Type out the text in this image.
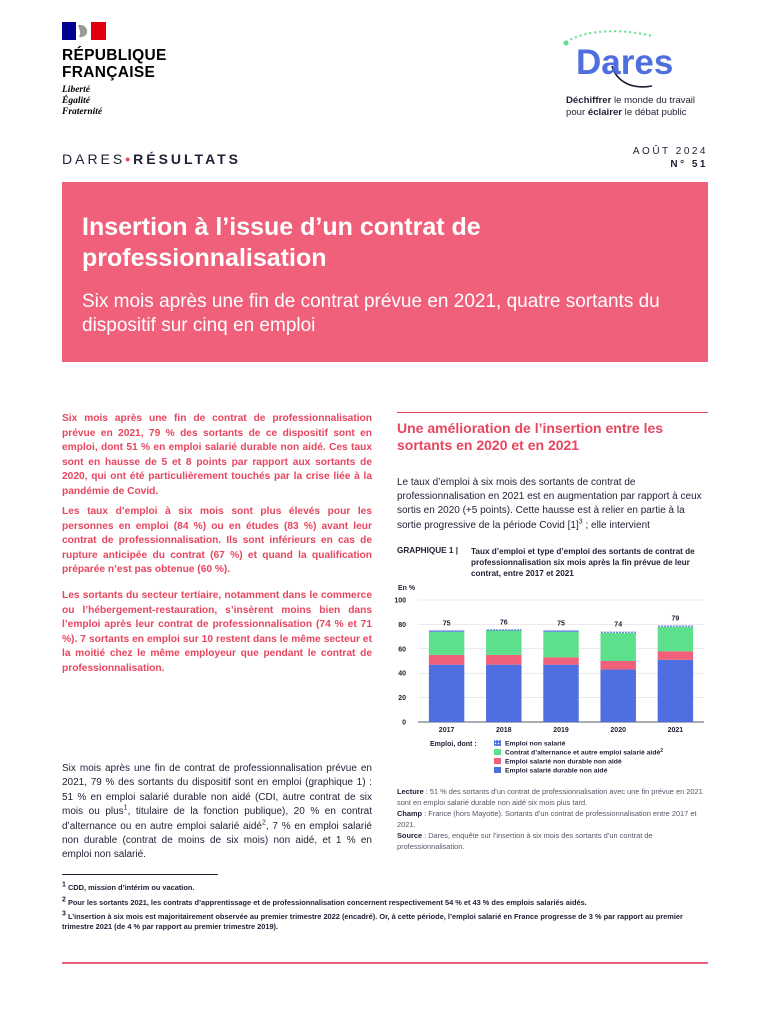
RÉPUBLIQUE
FRANÇAISE
Liberté
Égalité
Fraternité
Dares
Déchiffrer le monde du travail
pour éclairer le débat public
DARES•RÉSULTATS	AOÛT 2024
N° 51
Insertion à l’issue d’un contrat de professionnalisation
Six mois après une fin de contrat prévue en 2021, quatre sortants du dispositif sur cinq en emploi

Six mois après une fin de contrat de professionnalisation prévue en 2021, 79 % des sortants de ce dispositif sont en emploi, dont 51 % en emploi salarié durable non aidé. Ces taux sont en hausse de 5 et 8 points par rapport aux sortants de 2020, qui ont été particulièrement touchés par la crise liée à la pandémie de Covid.

Les taux d’emploi à six mois sont plus élevés pour les personnes en emploi (84 %) ou en études (83 %) avant leur contrat de professionnalisation. Ils sont inférieurs en cas de rupture anticipée du contrat (67 %) et quand la qualification préparée n’est pas obtenue (60 %).

Les sortants du secteur tertiaire, notamment dans le commerce ou l’hébergement-restauration, s’insèrent moins bien dans l’emploi après leur contrat de professionnalisation (74 % et 71 %). 7 sortants en emploi sur 10 restent dans le même secteur et la moitié chez le même employeur que pendant le contrat de professionnalisation.

Six mois après une fin de contrat de professionnalisation prévue en 2021, 79 % des sortants du dispositif sont en emploi (graphique 1) : 51 % en emploi salarié durable non aidé (CDI, autre contrat de six mois ou plus$^1$, titulaire de la fonction publique), 20 % en contrat d’alternance ou en autre emploi salarié aidé$^2$, 7 % en emploi salarié non durable (contrat de moins de six mois) non aidé, et 1 % en emploi non salarié.

Une amélioration de l’insertion entre les sortants en 2020 et en 2021

Le taux d’emploi à six mois des sortants de contrat de professionnalisation en 2021 est en augmentation par rapport à ceux sortis en 2020 (+5 points). Cette hausse est à relier en partie à la sortie progressive de la période Covid $[1]^3$ ; elle intervient

GRAPHIQUE 1 | Taux d’emploi et type d’emploi des sortants de contrat de professionnalisation six mois après la fin prévue de leur contrat, entre 2017 et 2021
En %
0
20
40
60
80
100
75
2017
76
2018
75
2019
74
2020
79
2021
Emploi, dont :	Emploi non salarié
Contrat d’alternance et autre emploi salarié aidé$^2$
Emploi salarié non durable non aidé
Emploi salarié durable non aidé
Lecture : 51 % des sortants d’un contrat de professionnalisation avec une fin prévue en 2021 sont en emploi salarié durable non aidé six mois plus tard.
Champ : France (hors Mayotte). Sortants d’un contrat de professionnalisation entre 2017 et 2021.
Source : Dares, enquête sur l’insertion à six mois des sortants d’un contrat de professionnalisation.

$^1$ CDD, mission d’intérim ou vacation.

$^2$ Pour les sortants 2021, les contrats d’apprentissage et de professionnalisation concernent respectivement 54 % et 43 % des emplois salariés aidés.

$^3$ L’insertion à six mois est majoritairement observée au premier trimestre 2022 (encadré). Or, à cette période, l’emploi salarié en France progresse de 3 % par rapport au premier trimestre 2021 (de 4 % par rapport au premier trimestre 2019).
